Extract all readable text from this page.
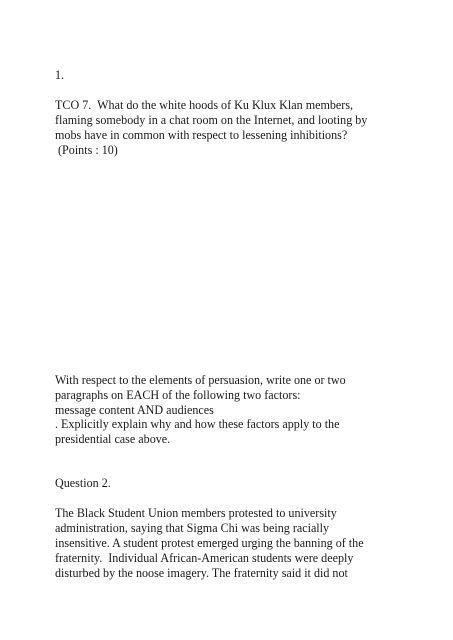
1.

TCO 7.  What do the white hoods of Ku Klux Klan members,

flaming somebody in a chat room on the Internet, and looting by

mobs have in common with respect to lessening inhibitions?

(Points : 10)

With respect to the elements of persuasion, write one or two

paragraphs on EACH of the following two factors:

message content AND audiences

. Explicitly explain why and how these factors apply to the

presidential case above.

Question 2.

The Black Student Union members protested to university

administration, saying that Sigma Chi was being racially

insensitive. A student protest emerged urging the banning of the

fraternity.  Individual African-American students were deeply

disturbed by the noose imagery. The fraternity said it did not
